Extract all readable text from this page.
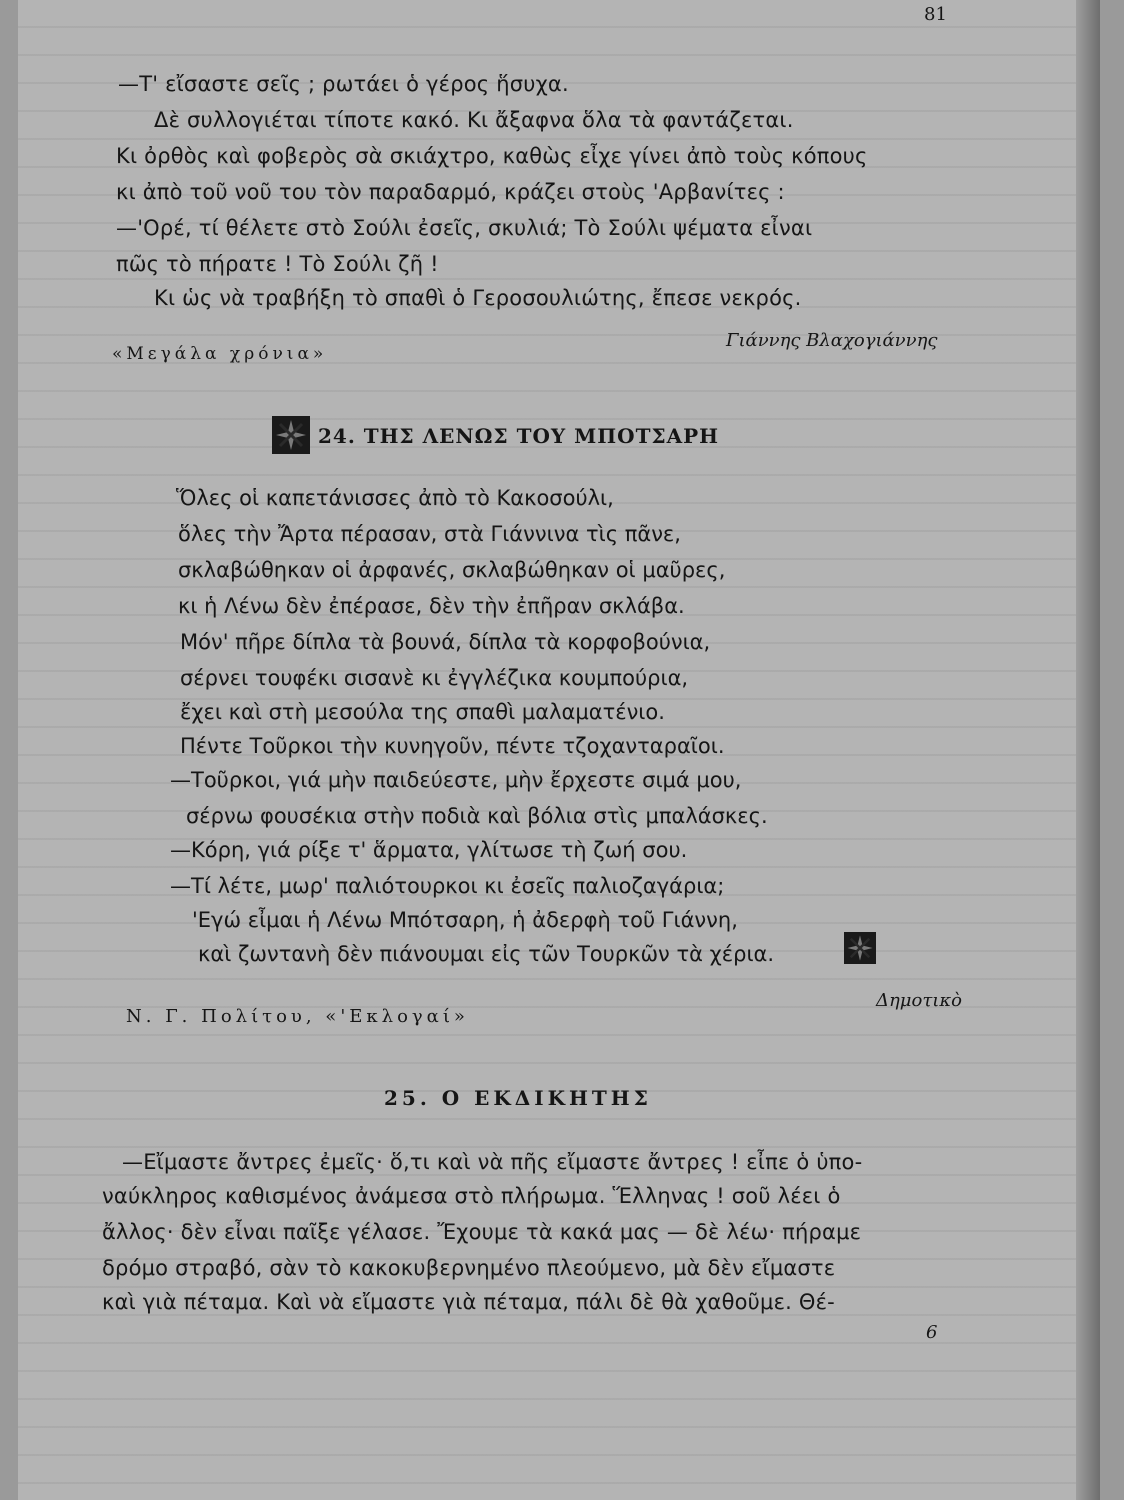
81
—Τ' εἴσαστε σεῖς ; ρωτάει ὁ γέρος ἥσυχα.
Δὲ συλλογιέται τίποτε κακό. Κι ἄξαφνα ὅλα τὰ φαντάζεται.
Κι ὀρθὸς καὶ φοβερὸς σὰ σκιάχτρο, καθὼς εἶχε γίνει ἀπὸ τοὺς κόπους
κι ἀπὸ τοῦ νοῦ του τὸν παραδαρμό, κράζει στοὺς 'Αρβανίτες :
—'Ορέ, τί θέλετε στὸ Σούλι ἐσεῖς, σκυλιά; Τὸ Σούλι ψέματα εἶναι
πῶς τὸ πήρατε ! Τὸ Σούλι ζῆ !
Κι ὡς νὰ τραβήξη τὸ σπαθὶ ὁ Γεροσουλιώτης, ἔπεσε νεκρός.
Γιάννης Βλαχογιάννης
«Μεγάλα χρόνια»
24. ΤΗΣ ΛΕΝΩΣ ΤΟΥ ΜΠΟΤΣΑΡΗ
Ὅλες οἱ καπετάνισσες ἀπὸ τὸ Κακοσούλι,
ὅλες τὴν Ἄρτα πέρασαν, στὰ Γιάννινα τὶς πᾶνε,
σκλαβώθηκαν οἱ ἀρφανές, σκλαβώθηκαν οἱ μαῦρες,
κι ἡ Λένω δὲν ἐπέρασε, δὲν τὴν ἐπῆραν σκλάβα.
Μόν' πῆρε δίπλα τὰ βουνά, δίπλα τὰ κορφοβούνια,
σέρνει τουφέκι σισανὲ κι ἐγγλέζικα κουμπούρια,
ἔχει καὶ στὴ μεσούλα της σπαθὶ μαλαματένιο.
Πέντε Τοῦρκοι τὴν κυνηγοῦν, πέντε τζοχανταραῖοι.
—Τοῦρκοι, γιά μὴν παιδεύεστε, μὴν ἔρχεστε σιμά μου,
σέρνω φουσέκια στὴν ποδιὰ καὶ βόλια στὶς μπαλάσκες.
—Κόρη, γιά ρίξε τ' ἅρματα, γλίτωσε τὴ ζωή σου.
—Τί λέτε, μωρ' παλιότουρκοι κι ἐσεῖς παλιοζαγάρια;
'Εγώ εἶμαι ἡ Λένω Μπότσαρη, ἡ ἀδερφὴ τοῦ Γιάννη,
καὶ ζωντανὴ δὲν πιάνουμαι εἰς τῶν Τουρκῶν τὰ χέρια.
Δημοτικὸ
Ν. Γ. Πολίτου, «'Εκλογαί»
25. Ο ΕΚΔΙΚΗΤΗΣ
—Εἴμαστε ἄντρες ἐμεῖς· ὅ,τι καὶ νὰ πῆς εἴμαστε ἄντρες ! εἶπε ὁ ὑπο-
ναύκληρος καθισμένος ἀνάμεσα στὸ πλήρωμα. Ἕλληνας ! σοῦ λέει ὁ
ἄλλος· δὲν εἶναι παῖξε γέλασε. Ἔχουμε τὰ κακά μας — δὲ λέω· πήραμε
δρόμο στραβό, σὰν τὸ κακοκυβερνημένο πλεούμενο, μὰ δὲν εἴμαστε
καὶ γιὰ πέταμα. Καὶ νὰ εἴμαστε γιὰ πέταμα, πάλι δὲ θὰ χαθοῦμε. Θέ-
6
